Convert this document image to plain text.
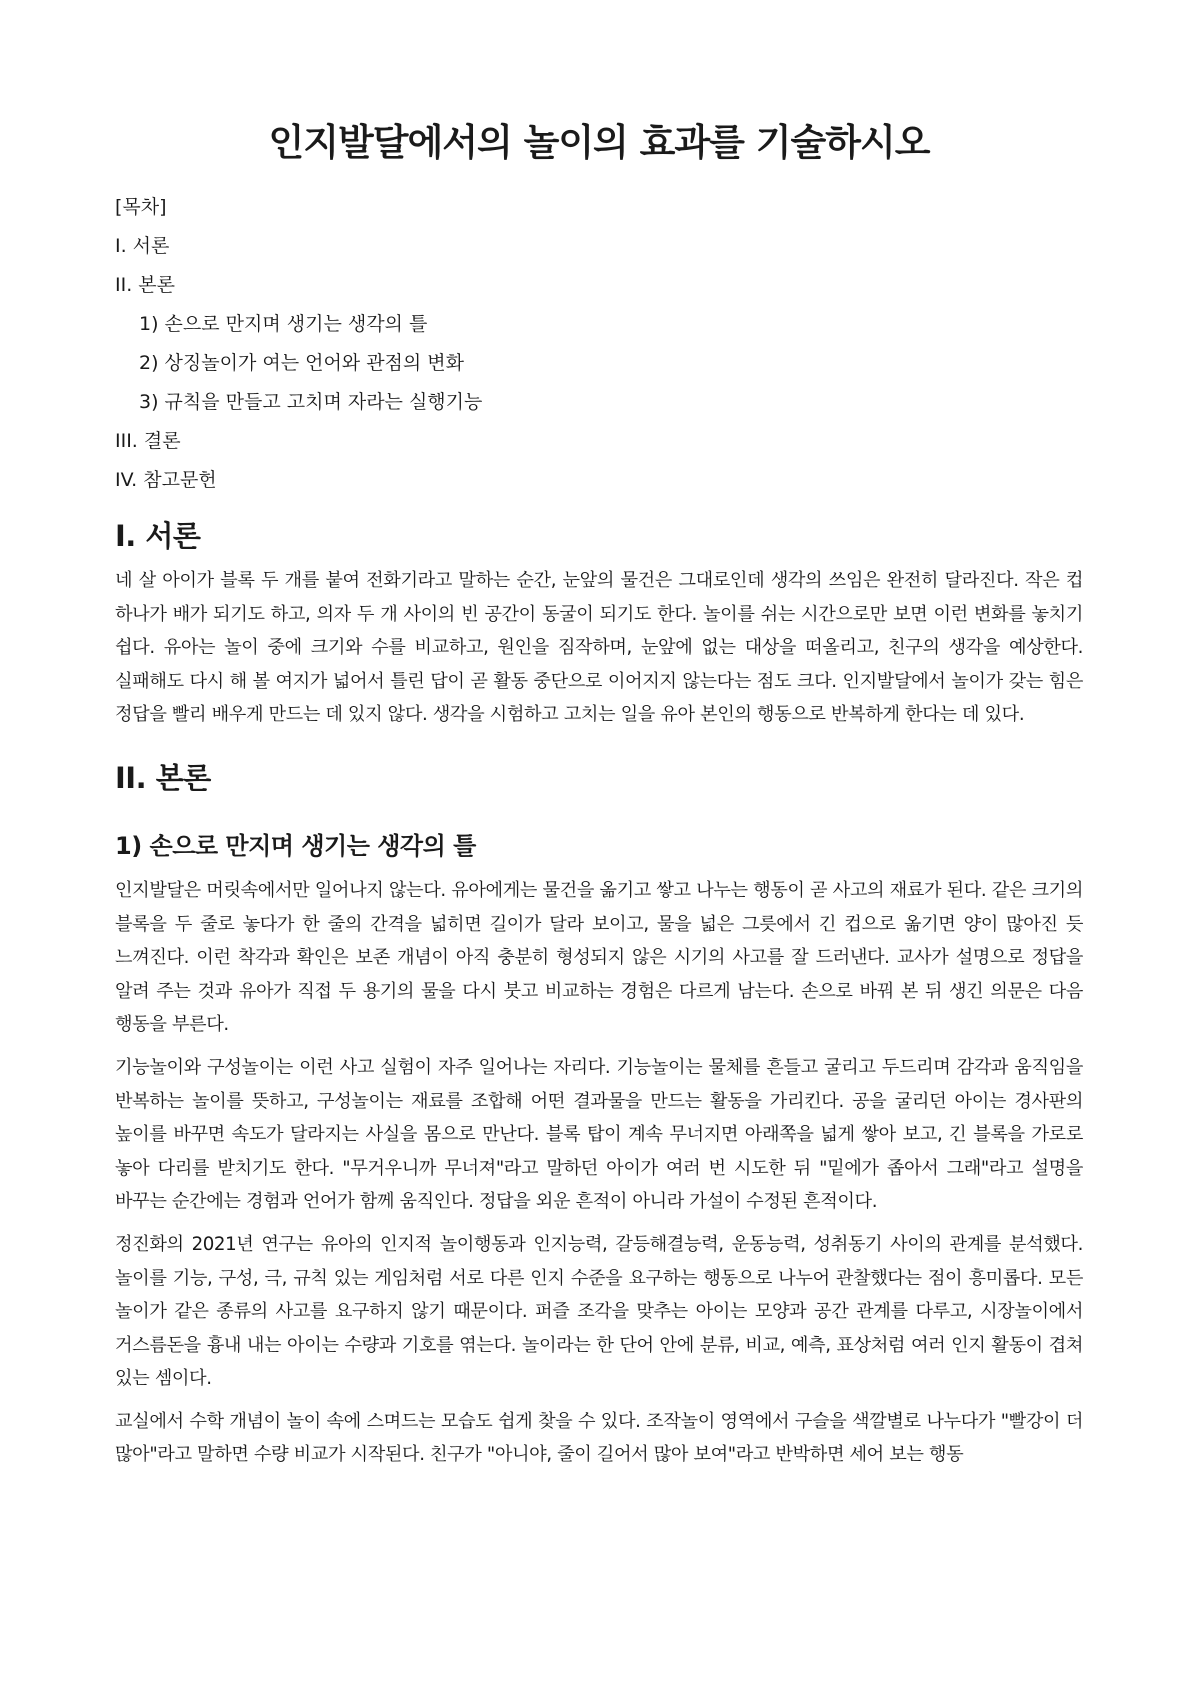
인지발달에서의 놀이의 효과를 기술하시오
[목차]
I. 서론
II. 본론
1) 손으로 만지며 생기는 생각의 틀
2) 상징놀이가 여는 언어와 관점의 변화
3) 규칙을 만들고 고치며 자라는 실행기능
III. 결론
IV. 참고문헌
I. 서론

네 살 아이가 블록 두 개를 붙여 전화기라고 말하는 순간, 눈앞의 물건은 그대로인데 생각의 쓰임은 완전히 달라진다. 작은 컵 하나가 배가 되기도 하고, 의자 두 개 사이의 빈 공간이 동굴이 되기도 한다. 놀이를 쉬는 시간으로만 보면 이런 변화를 놓치기 쉽다. 유아는 놀이 중에 크기와 수를 비교하고, 원인을 짐작하며, 눈앞에 없는 대상을 떠올리고, 친구의 생각을 예상한다. 실패해도 다시 해 볼 여지가 넓어서 틀린 답이 곧 활동 중단으로 이어지지 않는다는 점도 크다. 인지발달에서 놀이가 갖는 힘은 정답을 빨리 배우게 만드는 데 있지 않다. 생각을 시험하고 고치는 일을 유아 본인의 행동으로 반복하게 한다는 데 있다.

II. 본론
1) 손으로 만지며 생기는 생각의 틀

인지발달은 머릿속에서만 일어나지 않는다. 유아에게는 물건을 옮기고 쌓고 나누는 행동이 곧 사고의 재료가 된다. 같은 크기의 블록을 두 줄로 놓다가 한 줄의 간격을 넓히면 길이가 달라 보이고, 물을 넓은 그릇에서 긴 컵으로 옮기면 양이 많아진 듯 느껴진다. 이런 착각과 확인은 보존 개념이 아직 충분히 형성되지 않은 시기의 사고를 잘 드러낸다. 교사가 설명으로 정답을 알려 주는 것과 유아가 직접 두 용기의 물을 다시 붓고 비교하는 경험은 다르게 남는다. 손으로 바꿔 본 뒤 생긴 의문은 다음 행동을 부른다.

기능놀이와 구성놀이는 이런 사고 실험이 자주 일어나는 자리다. 기능놀이는 물체를 흔들고 굴리고 두드리며 감각과 움직임을 반복하는 놀이를 뜻하고, 구성놀이는 재료를 조합해 어떤 결과물을 만드는 활동을 가리킨다. 공을 굴리던 아이는 경사판의 높이를 바꾸면 속도가 달라지는 사실을 몸으로 만난다. 블록 탑이 계속 무너지면 아래쪽을 넓게 쌓아 보고, 긴 블록을 가로로 놓아 다리를 받치기도 한다. "무거우니까 무너져"라고 말하던 아이가 여러 번 시도한 뒤 "밑에가 좁아서 그래"라고 설명을 바꾸는 순간에는 경험과 언어가 함께 움직인다. 정답을 외운 흔적이 아니라 가설이 수정된 흔적이다.

정진화의 2021년 연구는 유아의 인지적 놀이행동과 인지능력, 갈등해결능력, 운동능력, 성취동기 사이의 관계를 분석했다. 놀이를 기능, 구성, 극, 규칙 있는 게임처럼 서로 다른 인지 수준을 요구하는 행동으로 나누어 관찰했다는 점이 흥미롭다. 모든 놀이가 같은 종류의 사고를 요구하지 않기 때문이다. 퍼즐 조각을 맞추는 아이는 모양과 공간 관계를 다루고, 시장놀이에서 거스름돈을 흉내 내는 아이는 수량과 기호를 엮는다. 놀이라는 한 단어 안에 분류, 비교, 예측, 표상처럼 여러 인지 활동이 겹쳐 있는 셈이다.

교실에서 수학 개념이 놀이 속에 스며드는 모습도 쉽게 찾을 수 있다. 조작놀이 영역에서 구슬을 색깔별로 나누다가 "빨강이 더 많아"라고 말하면 수량 비교가 시작된다. 친구가 "아니야, 줄이 길어서 많아 보여"라고 반박하면 세어 보는 행동
